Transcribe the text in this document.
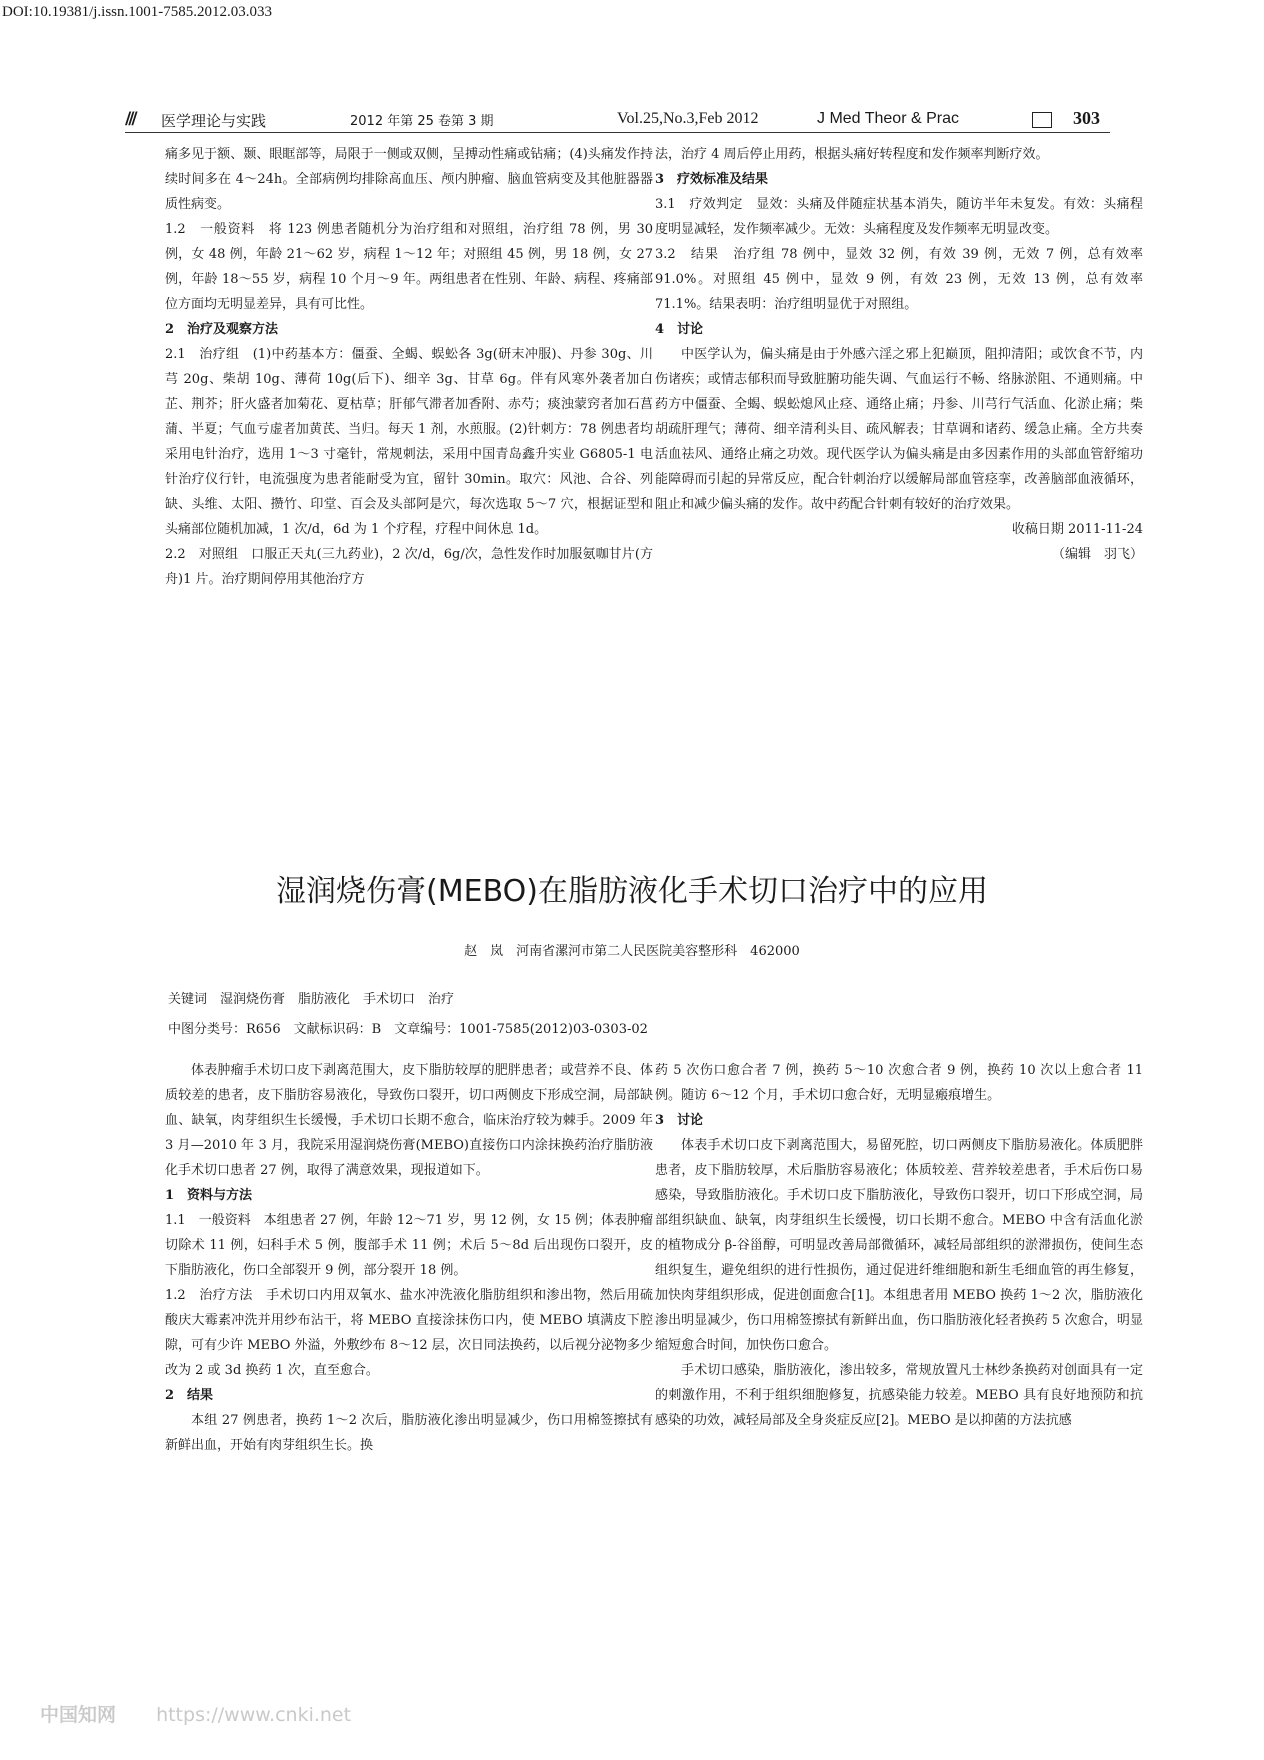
DOI:10.19381/j.issn.1001-7585.2012.03.033
/// 医学理论与实践	2012 年第 25 卷第 3 期	Vol.25,No.3,Feb 2012	J Med Theor & Prac	303

痛多见于额、颞、眼眶部等，局限于一侧或双侧，呈搏动性痛或钻痛；(4)头痛发作持续时间多在 4～24h。全部病例均排除高血压、颅内肿瘤、脑血管病变及其他脏器器质性病变。

1.2　一般资料　将 123 例患者随机分为治疗组和对照组，治疗组 78 例，男 30 例，女 48 例，年龄 21～62 岁，病程 1～12 年；对照组 45 例，男 18 例，女 27 例，年龄 18～55 岁，病程 10 个月～9 年。两组患者在性别、年龄、病程、疼痛部位方面均无明显差异，具有可比性。

2　治疗及观察方法

2.1　治疗组　(1)中药基本方：僵蚕、全蝎、蜈蚣各 3g(研末冲服)、丹参 30g、川芎 20g、柴胡 10g、薄荷 10g(后下)、细辛 3g、甘草 6g。伴有风寒外袭者加白芷、荆芥；肝火盛者加菊花、夏枯草；肝郁气滞者加香附、赤芍；痰浊蒙窍者加石菖蒲、半夏；气血亏虚者加黄芪、当归。每天 1 剂，水煎服。(2)针刺方：78 例患者均采用电针治疗，选用 1～3 寸毫针，常规刺法，采用中国青岛鑫升实业 G6805-1 电针治疗仪行针，电流强度为患者能耐受为宜，留针 30min。取穴：风池、合谷、列缺、头维、太阳、攒竹、印堂、百会及头部阿是穴，每次选取 5～7 穴，根据证型和头痛部位随机加减，1 次/d，6d 为 1 个疗程，疗程中间休息 1d。

2.2　对照组　口服正天丸(三九药业)，2 次/d，6g/次，急性发作时加服氨咖甘片(方舟)1 片。治疗期间停用其他治疗方

法，治疗 4 周后停止用药，根据头痛好转程度和发作频率判断疗效。

3　疗效标准及结果

3.1　疗效判定　显效：头痛及伴随症状基本消失，随访半年未复发。有效：头痛程度明显减轻，发作频率减少。无效：头痛程度及发作频率无明显改变。

3.2　结果　治疗组 78 例中，显效 32 例，有效 39 例，无效 7 例，总有效率 91.0%。对照组 45 例中，显效 9 例，有效 23 例，无效 13 例，总有效率 71.1%。结果表明：治疗组明显优于对照组。

4　讨论

中医学认为，偏头痛是由于外感六淫之邪上犯巅顶，阻抑清阳；或饮食不节，内伤诸疾；或情志郁积而导致脏腑功能失调、气血运行不畅、络脉淤阻、不通则痛。中药方中僵蚕、全蝎、蜈蚣熄风止痉、通络止痛；丹参、川芎行气活血、化淤止痛；柴胡疏肝理气；薄荷、细辛清利头目、疏风解表；甘草调和诸药、缓急止痛。全方共奏活血祛风、通络止痛之功效。现代医学认为偏头痛是由多因素作用的头部血管舒缩功能障碍而引起的异常反应，配合针刺治疗以缓解局部血管痉挛，改善脑部血液循环，阻止和减少偏头痛的发作。故中药配合针刺有较好的治疗效果。

收稿日期 2011-11-24

（编辑　羽飞）

湿润烧伤膏(MEBO)在脂肪液化手术切口治疗中的应用
赵　岚　河南省漯河市第二人民医院美容整形科　462000
关键词　湿润烧伤膏　脂肪液化　手术切口　治疗
中图分类号：R656　文献标识码：B　文章编号：1001-7585(2012)03-0303-02

体表肿瘤手术切口皮下剥离范围大，皮下脂肪较厚的肥胖患者；或营养不良、体质较差的患者，皮下脂肪容易液化，导致伤口裂开，切口两侧皮下形成空洞，局部缺血、缺氧，肉芽组织生长缓慢，手术切口长期不愈合，临床治疗较为棘手。2009 年 3 月—2010 年 3 月，我院采用湿润烧伤膏(MEBO)直接伤口内涂抹换药治疗脂肪液化手术切口患者 27 例，取得了满意效果，现报道如下。

1　资料与方法

1.1　一般资料　本组患者 27 例，年龄 12～71 岁，男 12 例，女 15 例；体表肿瘤切除术 11 例，妇科手术 5 例，腹部手术 11 例；术后 5～8d 后出现伤口裂开，皮下脂肪液化，伤口全部裂开 9 例，部分裂开 18 例。

1.2　治疗方法　手术切口内用双氧水、盐水冲洗液化脂肪组织和渗出物，然后用硫酸庆大霉素冲洗并用纱布沾干，将 MEBO 直接涂抹伤口内，使 MEBO 填满皮下腔隙，可有少许 MEBO 外溢，外敷纱布 8～12 层，次日同法换药，以后视分泌物多少改为 2 或 3d 换药 1 次，直至愈合。

2　结果

本组 27 例患者，换药 1～2 次后，脂肪液化渗出明显减少，伤口用棉签擦拭有新鲜出血，开始有肉芽组织生长。换

药 5 次伤口愈合者 7 例，换药 5～10 次愈合者 9 例，换药 10 次以上愈合者 11 例。随访 6～12 个月，手术切口愈合好，无明显瘢痕增生。

3　讨论

体表手术切口皮下剥离范围大，易留死腔，切口两侧皮下脂肪易液化。体质肥胖患者，皮下脂肪较厚，术后脂肪容易液化；体质较差、营养较差患者，手术后伤口易感染，导致脂肪液化。手术切口皮下脂肪液化，导致伤口裂开，切口下形成空洞，局部组织缺血、缺氧，肉芽组织生长缓慢，切口长期不愈合。MEBO 中含有活血化淤的植物成分 β-谷甾醇，可明显改善局部微循环，减轻局部组织的淤滞损伤，使间生态组织复生，避免组织的进行性损伤，通过促进纤维细胞和新生毛细血管的再生修复，加快肉芽组织形成，促进创面愈合[1]。本组患者用 MEBO 换药 1～2 次，脂肪液化渗出明显减少，伤口用棉签擦拭有新鲜出血，伤口脂肪液化轻者换药 5 次愈合，明显缩短愈合时间，加快伤口愈合。

手术切口感染，脂肪液化，渗出较多，常规放置凡士林纱条换药对创面具有一定的刺激作用，不利于组织细胞修复，抗感染能力较差。MEBO 具有良好地预防和抗感染的功效，减轻局部及全身炎症反应[2]。MEBO 是以抑菌的方法抗感

中国知网 https://www.cnki.net
